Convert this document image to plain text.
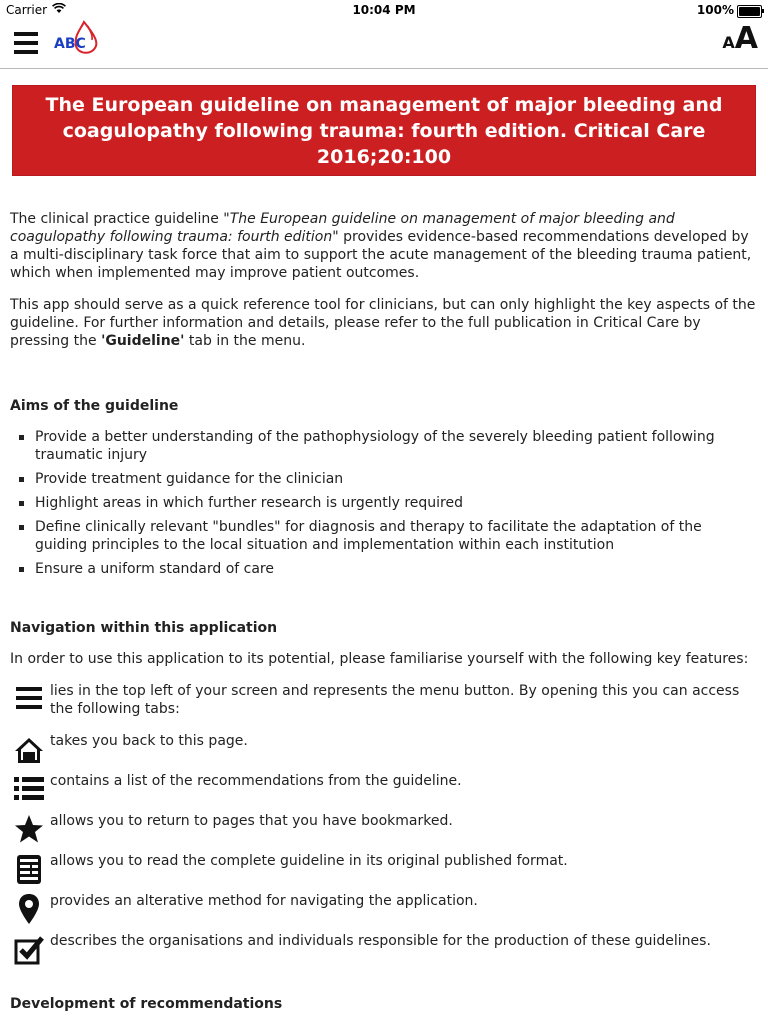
Carrier	10:04 PM	100%
ABC	AA
The European guideline on management of major bleeding and coagulopathy following trauma: fourth edition. Critical Care 2016;20:100

The clinical practice guideline "The European guideline on management of major bleeding and coagulopathy following trauma: fourth edition" provides evidence-based recommendations developed by a multi-disciplinary task force that aim to support the acute management of the bleeding trauma patient, which when implemented may improve patient outcomes.

This app should serve as a quick reference tool for clinicians, but can only highlight the key aspects of the guideline. For further information and details, please refer to the full publication in Critical Care by pressing the 'Guideline' tab in the menu.

Aims of the guideline
Provide a better understanding of the pathophysiology of the severely bleeding patient following traumatic injury
Provide treatment guidance for the clinician
Highlight areas in which further research is urgently required
Define clinically relevant "bundles" for diagnosis and therapy to facilitate the adaptation of the guiding principles to the local situation and implementation within each institution
Ensure a uniform standard of care
Navigation within this application

In order to use this application to its potential, please familiarise yourself with the following key features:

lies in the top left of your screen and represents the menu button. By opening this you can access the following tabs:
takes you back to this page.
contains a list of the recommendations from the guideline.
allows you to return to pages that you have bookmarked.
allows you to read the complete guideline in its original published format.
provides an alterative method for navigating the application.
describes the organisations and individuals responsible for the production of these guidelines.
Development of recommendations
